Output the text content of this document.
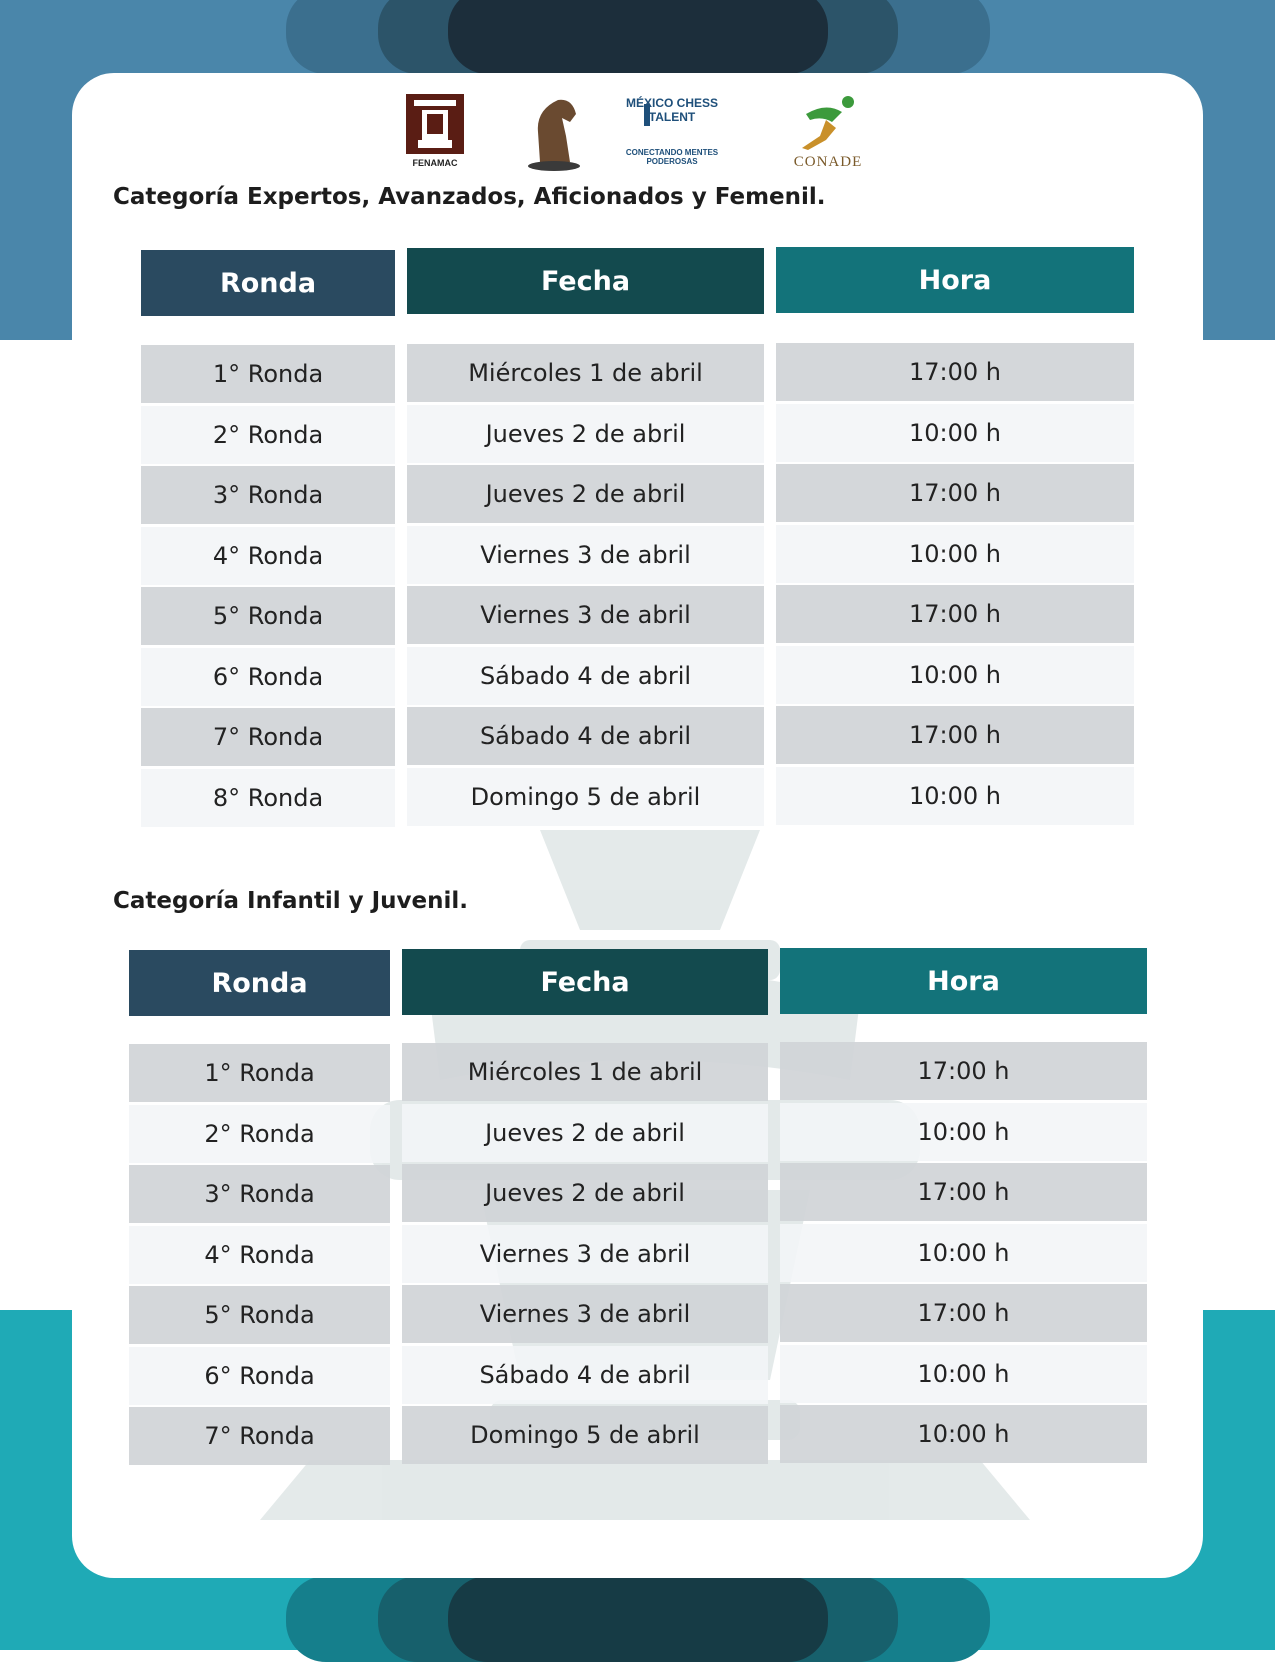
FENAMAC
MÉXICO CHESS TALENT
CONECTANDO MENTES PODEROSAS	CONADE
Categoría Expertos, Avanzados, Aficionados y Femenil.
Ronda	Fecha	Hora
1° Ronda	Miércoles 1 de abril	17:00 h
2° Ronda	Jueves 2 de abril	10:00 h
3° Ronda	Jueves 2 de abril	17:00 h
4° Ronda	Viernes 3 de abril	10:00 h
5° Ronda	Viernes 3 de abril	17:00 h
6° Ronda	Sábado 4 de abril	10:00 h
7° Ronda	Sábado 4 de abril	17:00 h
8° Ronda	Domingo 5 de abril	10:00 h
Categoría Infantil y Juvenil.
Ronda	Fecha	Hora
1° Ronda	Miércoles 1 de abril	17:00 h
2° Ronda	Jueves 2 de abril	10:00 h
3° Ronda	Jueves 2 de abril	17:00 h
4° Ronda	Viernes 3 de abril	10:00 h
5° Ronda	Viernes 3 de abril	17:00 h
6° Ronda	Sábado 4 de abril	10:00 h
7° Ronda	Domingo 5 de abril	10:00 h
